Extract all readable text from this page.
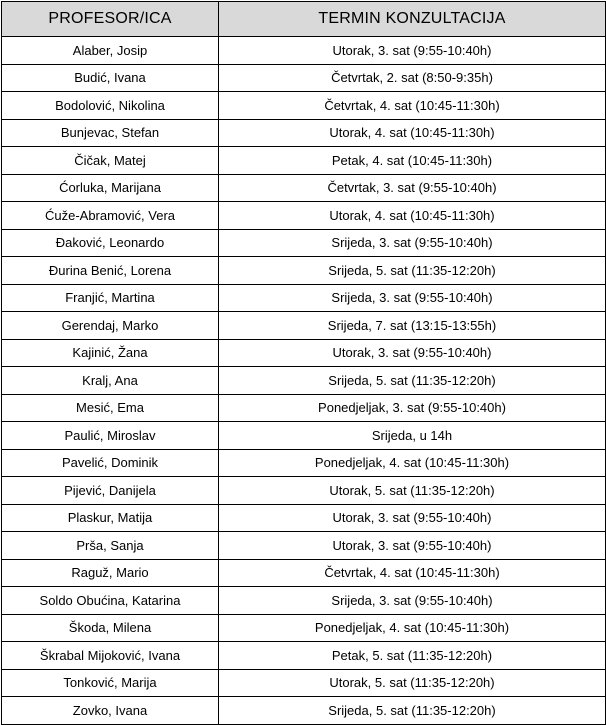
PROFESOR/ICA	TERMIN KONZULTACIJA
Alaber, Josip	Utorak, 3. sat (9:55-10:40h)
Budić, Ivana	Četvrtak, 2. sat (8:50-9:35h)
Bodolović, Nikolina	Četvrtak, 4. sat (10:45-11:30h)
Bunjevac, Stefan	Utorak, 4. sat (10:45-11:30h)
Čičak, Matej	Petak, 4. sat (10:45-11:30h)
Ćorluka, Marijana	Četvrtak, 3. sat (9:55-10:40h)
Ćuže-Abramović, Vera	Utorak, 4. sat (10:45-11:30h)
Đaković, Leonardo	Srijeda, 3. sat (9:55-10:40h)
Đurina Benić, Lorena	Srijeda, 5. sat (11:35-12:20h)
Franjić, Martina	Srijeda, 3. sat (9:55-10:40h)
Gerendaj, Marko	Srijeda, 7. sat (13:15-13:55h)
Kajinić, Žana	Utorak, 3. sat (9:55-10:40h)
Kralj, Ana	Srijeda, 5. sat (11:35-12:20h)
Mesić, Ema	Ponedjeljak, 3. sat (9:55-10:40h)
Paulić, Miroslav	Srijeda, u 14h
Pavelić, Dominik	Ponedjeljak, 4. sat (10:45-11:30h)
Pijević, Danijela	Utorak, 5. sat (11:35-12:20h)
Plaskur, Matija	Utorak, 3. sat (9:55-10:40h)
Prša, Sanja	Utorak, 3. sat (9:55-10:40h)
Raguž, Mario	Četvrtak, 4. sat (10:45-11:30h)
Soldo Obućina, Katarina	Srijeda, 3. sat (9:55-10:40h)
Škoda, Milena	Ponedjeljak, 4. sat (10:45-11:30h)
Škrabal Mijoković, Ivana	Petak, 5. sat (11:35-12:20h)
Tonković, Marija	Utorak, 5. sat (11:35-12:20h)
Zovko, Ivana	Srijeda, 5. sat (11:35-12:20h)
